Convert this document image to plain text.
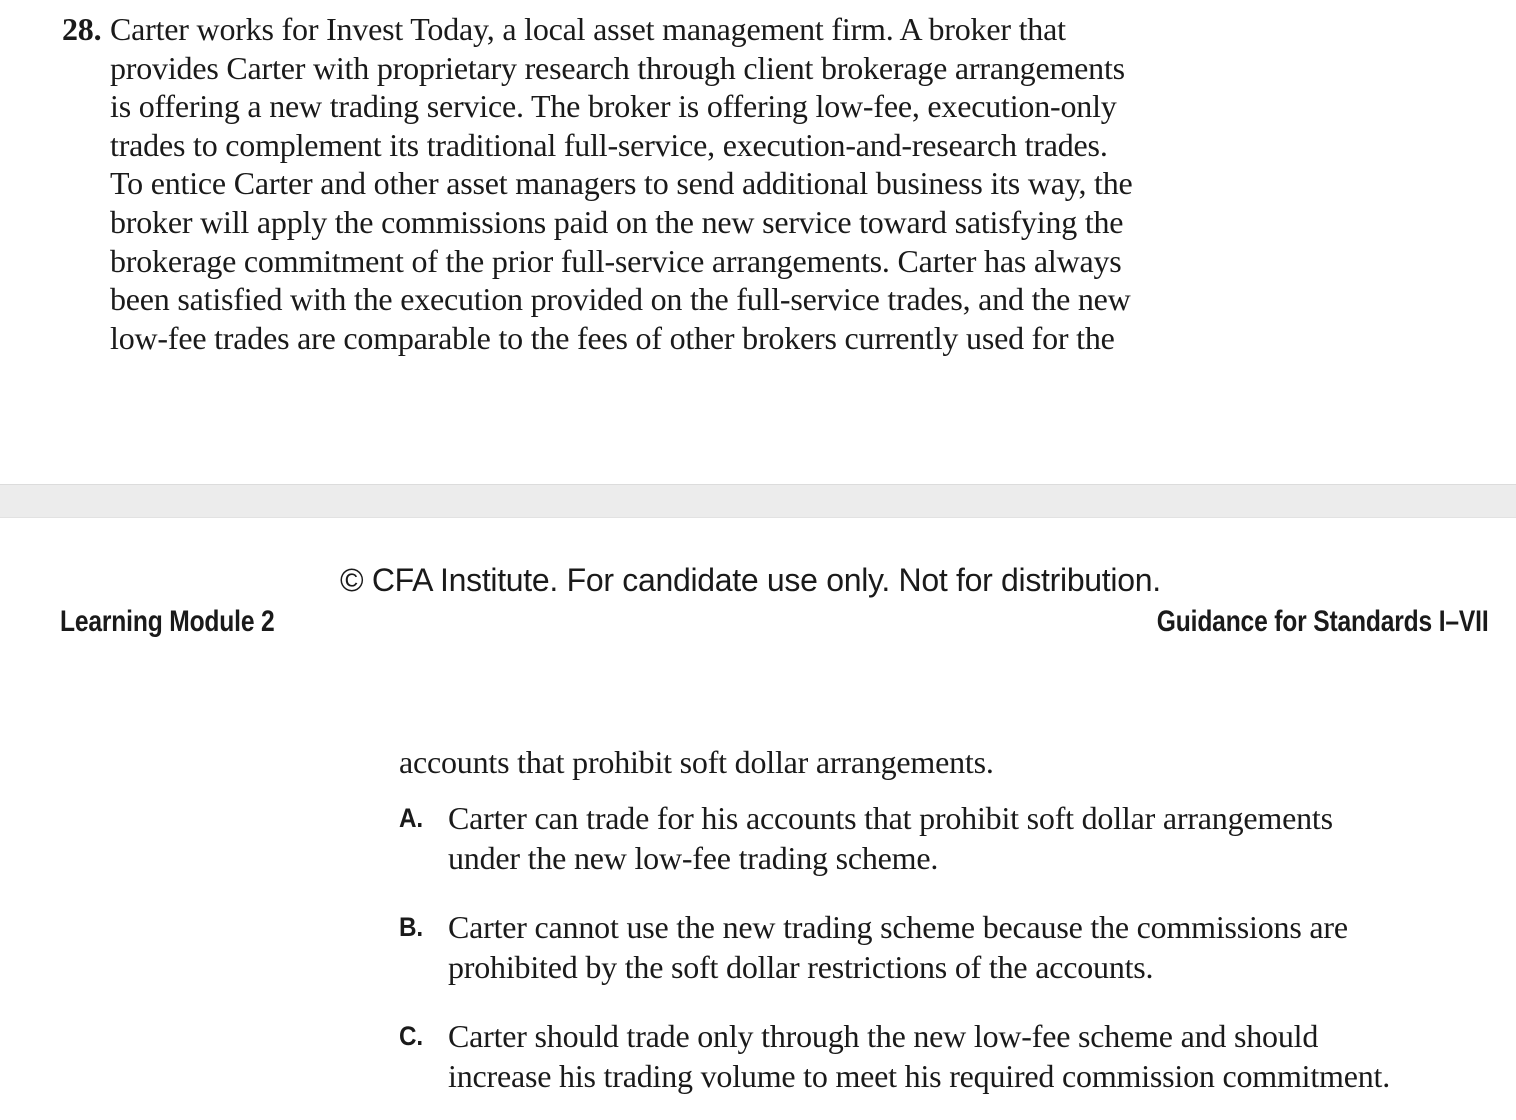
28. Carter works for Invest Today, a local asset management firm. A broker that
provides Carter with proprietary research through client brokerage arrangements
is offering a new trading service. The broker is offering low-fee, execution-only
trades to complement its traditional full-service, execution-and-research trades.
To entice Carter and other asset managers to send additional business its way, the
broker will apply the commissions paid on the new service toward satisfying the
brokerage commitment of the prior full-service arrangements. Carter has always
been satisfied with the execution provided on the full-service trades, and the new
low-fee trades are comparable to the fees of other brokers currently used for the
© CFA Institute. For candidate use only. Not for distribution.
Learning Module 2	Guidance for Standards I–VII
accounts that prohibit soft dollar arrangements.
A. Carter can trade for his accounts that prohibit soft dollar arrangements
under the new low-fee trading scheme.
B. Carter cannot use the new trading scheme because the commissions are
prohibited by the soft dollar restrictions of the accounts.
C. Carter should trade only through the new low-fee scheme and should
increase his trading volume to meet his required commission commitment.
